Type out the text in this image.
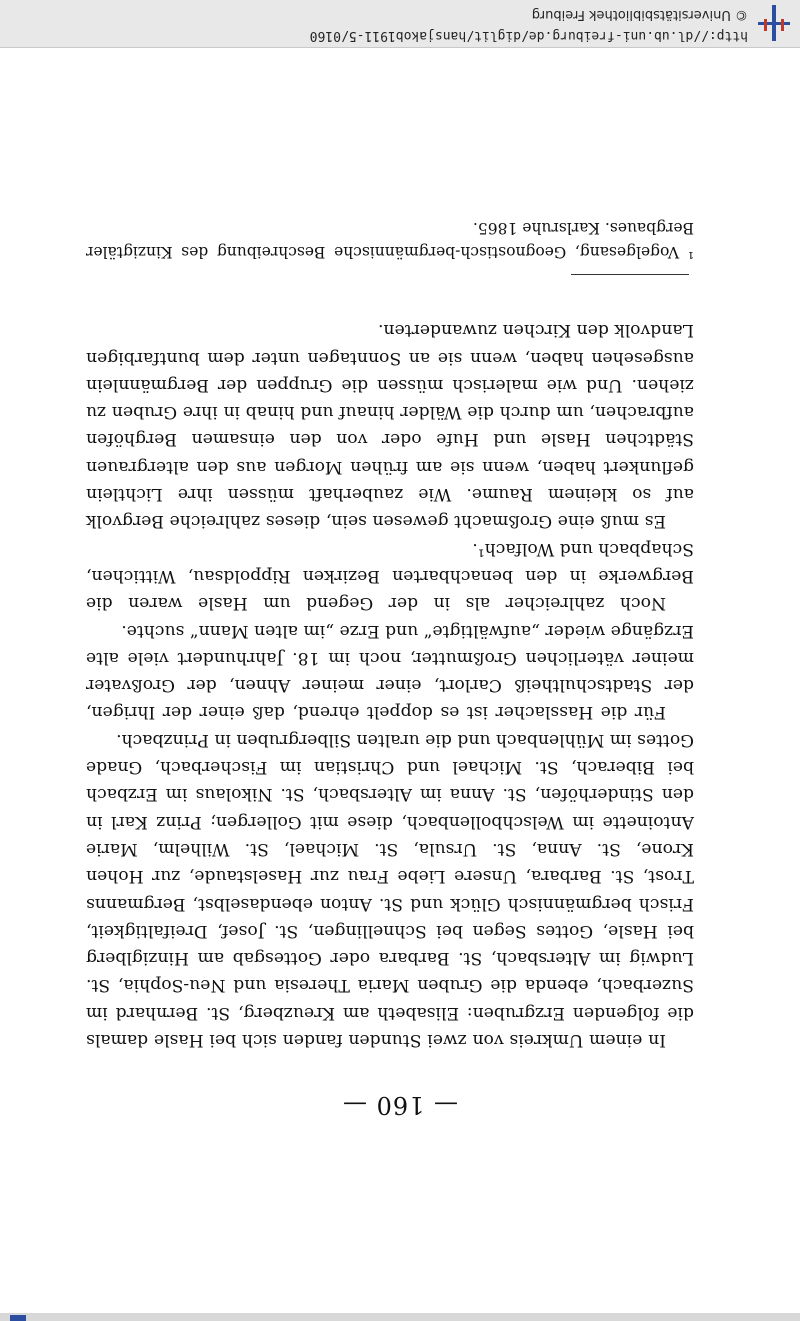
— 160 —

In einem Umkreis von zwei Stunden fanden sich bei Hasle damals die folgenden Erzgruben: Elisabeth am Kreuzberg, St. Bernhard im Suzerbach, ebenda die Gruben Maria Theresia und Neu-Sophia, St. Ludwig im Altersbach, St. Barbara oder Gottesgab am Hinziglberg bei Hasle, Gottes Segen bei Schnellingen, St. Josef, Dreifaltigkeit, Frisch bergmännisch Glück und St. Anton ebendaselbst, Bergmanns Trost, St. Barbara, Unsere Liebe Frau zur Haselstaude, zur Hohen Krone, St. Anna, St. Ursula, St. Michael, St. Wilhelm, Marie Antoinette im Welschbollenbach, diese mit Gollergen; Prinz Karl in den Stinderhöfen, St. Anna im Altersbach, St. Nikolaus im Erzbach bei Biberach, St. Michael und Christian im Fischerbach, Gnade Gottes im Mühlenbach und die uralten Silbergruben in Prinzbach.

Für die Hasslacher ist es doppelt ehrend, daß einer der Ihrigen, der Stadtschultheiß Carlort, einer meiner Ahnen, der Großvater meiner väterlichen Großmutter, noch im 18. Jahrhundert viele alte Erzgänge wieder „aufwältigte“ und Erze „im alten Mann“ suchte.

Noch zahlreicher als in der Gegend um Hasle waren die Bergwerke in den benachbarten Bezirken Rippoldsau, Wittichen, Schapbach und Wolfach¹.

Es muß eine Großmacht gewesen sein, dieses zahlreiche Bergvolk auf so kleinem Raume. Wie zauberhaft müssen ihre Lichtlein geflunkert haben, wenn sie am frühen Morgen aus den altergrauen Städtchen Hasle und Hufe oder von den einsamen Berghöfen aufbrachen, um durch die Wälder hinauf und hinab in ihre Gruben zu ziehen. Und wie malerisch müssen die Gruppen der Bergmännlein ausgesehen haben, wenn sie an Sonntagen unter dem buntfarbigen Landvolk den Kirchen zuwanderten.

¹ Vogelgesang, Geognostisch-bergmännische Beschreibung des Kinzigtäler Bergbaues. Karlsruhe 1865.
http://dl.ub.uni-freiburg.de/diglit/hansjakob1911-5/0160
© Universitätsbibliothek Freiburg
